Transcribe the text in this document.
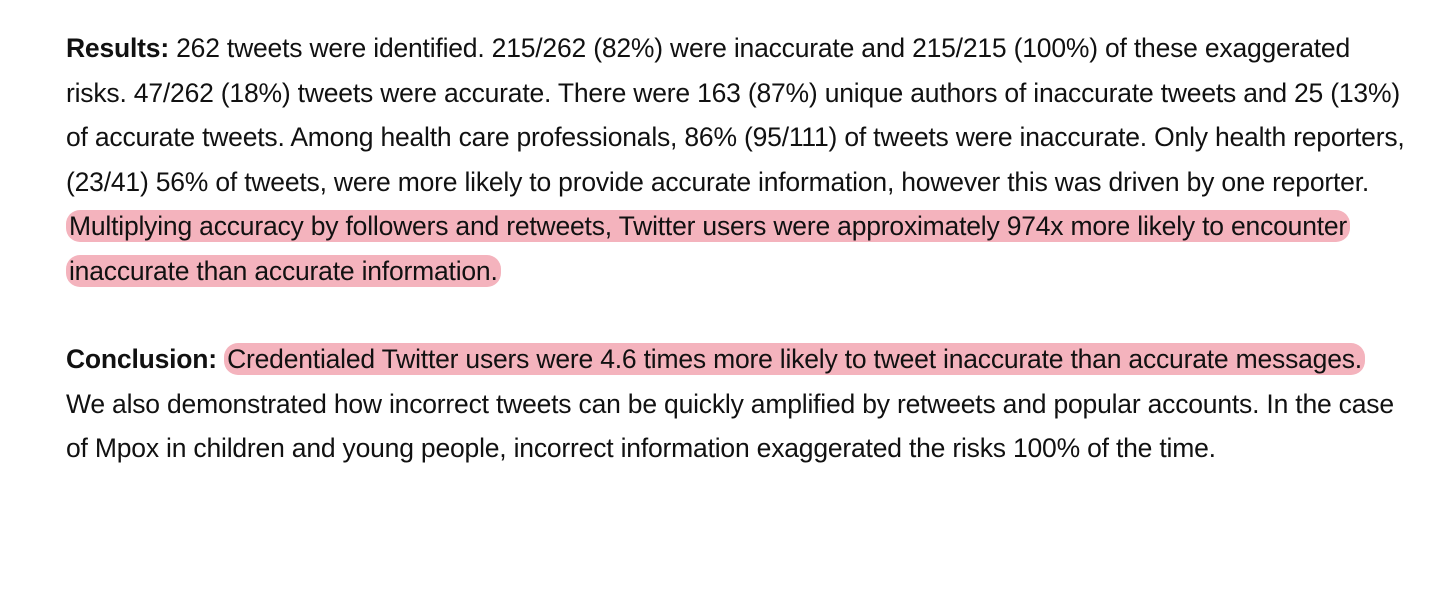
Results: 262 tweets were identified. 215/262 (82%) were inaccurate and 215/215 (100%) of these exaggerated risks. 47/262 (18%) tweets were accurate. There were 163 (87%) unique authors of inaccurate tweets and 25 (13%) of accurate tweets. Among health care professionals, 86% (95/111) of tweets were inaccurate. Only health reporters, (23/41) 56% of tweets, were more likely to provide accurate information, however this was driven by one reporter. Multiplying accuracy by followers and retweets, Twitter users were approximately 974x more likely to encounter inaccurate than accurate information.

Conclusion: Credentialed Twitter users were 4.6 times more likely to tweet inaccurate than accurate messages. We also demonstrated how incorrect tweets can be quickly amplified by retweets and popular accounts. In the case of Mpox in children and young people, incorrect information exaggerated the risks 100% of the time.
